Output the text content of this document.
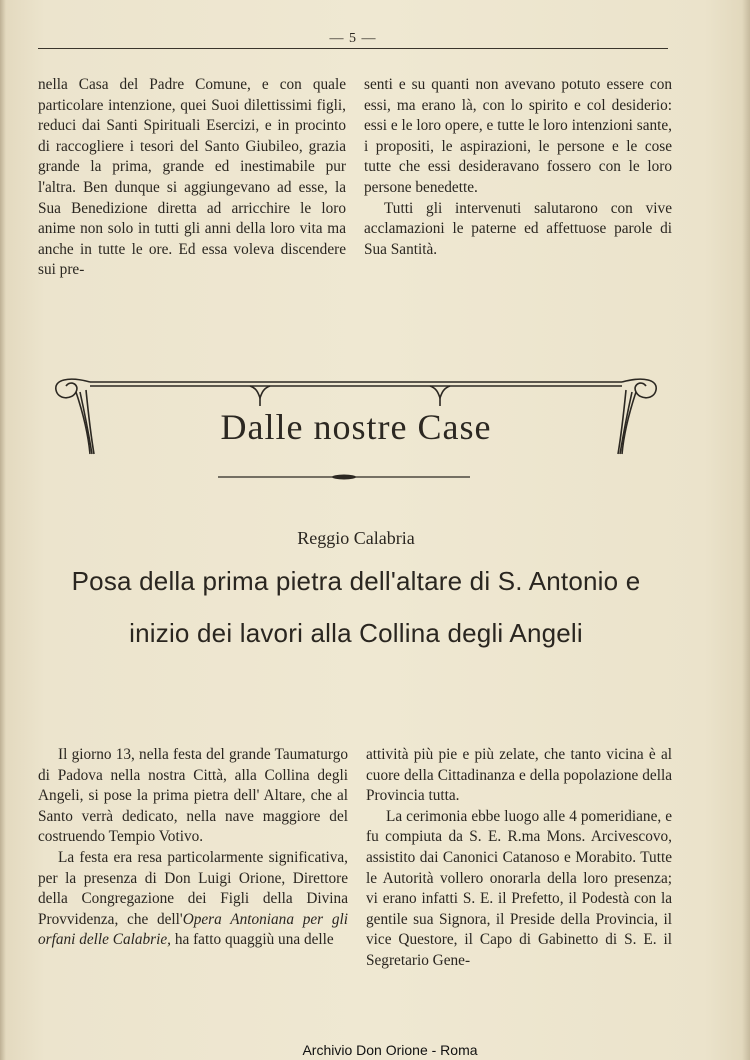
— 5 —

nella Casa del Padre Comune, e con quale particolare intenzione, quei Suoi dilettissimi figli, reduci dai Santi Spirituali Esercizi, e in procinto di raccogliere i tesori del Santo Giubileo, grazia grande la prima, grande ed inestimabile pur l'altra. Ben dunque si aggiungevano ad esse, la Sua Benedizione diretta ad arricchire le loro anime non solo in tutti gli anni della loro vita ma anche in tutte le ore. Ed essa voleva discendere sui pre-

senti e su quanti non avevano potuto essere con essi, ma erano là, con lo spirito e col desiderio: essi e le loro opere, e tutte le loro intenzioni sante, i propositi, le aspirazioni, le persone e le cose tutte che essi desideravano fossero con le loro persone benedette.

Tutti gli intervenuti salutarono con vive acclamazioni le paterne ed affettuose parole di Sua Santità.

Dalle nostre Case
Reggio Calabria
Posa della prima pietra dell'altare di S. Antonio e
inizio dei lavori alla Collina degli Angeli

Il giorno 13, nella festa del grande Taumaturgo di Padova nella nostra Città, alla Collina degli Angeli, si pose la prima pietra dell' Altare, che al Santo verrà dedicato, nella nave maggiore del costruendo Tempio Votivo.

La festa era resa particolarmente significativa, per la presenza di Don Luigi Orione, Direttore della Congregazione dei Figli della Divina Provvidenza, che dell'Opera Antoniana per gli orfani delle Calabrie, ha fatto quaggiù una delle

attività più pie e più zelate, che tanto vicina è al cuore della Cittadinanza e della popolazione della Provincia tutta.

La cerimonia ebbe luogo alle 4 pomeridiane, e fu compiuta da S. E. R.ma Mons. Arcivescovo, assistito dai Canonici Catanoso e Morabito. Tutte le Autorità vollero onorarla della loro presenza; vi erano infatti S. E. il Prefetto, il Podestà con la gentile sua Signora, il Preside della Provincia, il vice Questore, il Capo di Gabinetto di S. E. il Segretario Gene-

Archivio Don Orione - Roma
